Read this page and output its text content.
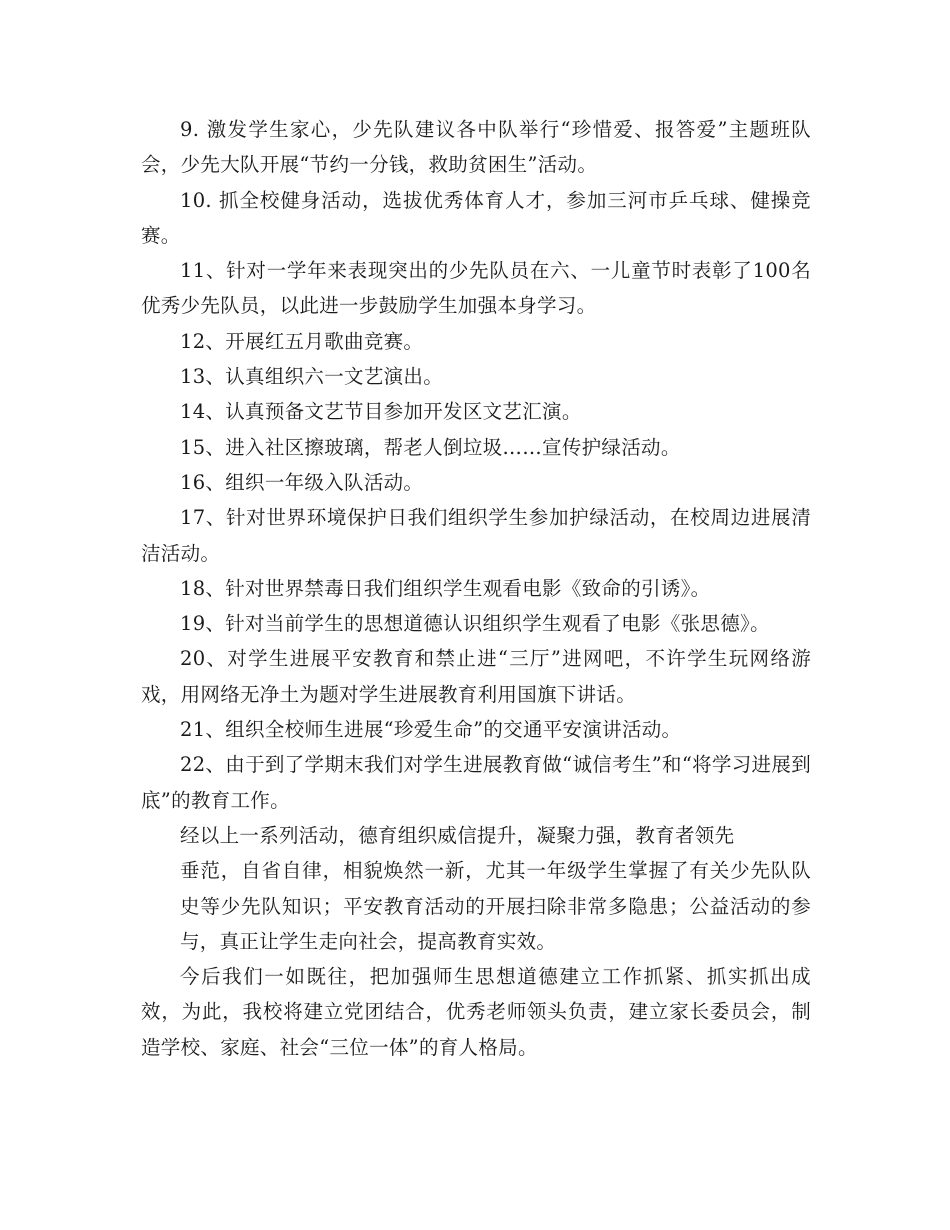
9. 激发学生家心，少先队建议各中队举行“珍惜爱、报答爱”主题班队会，少先大队开展“节约一分钱，救助贫困生”活动。

10. 抓全校健身活动，选拔优秀体育人才，参加三河市乒乓球、健操竞赛。

11、针对一学年来表现突出的少先队员在六、一儿童节时表彰了100名优秀少先队员，以此进一步鼓励学生加强本身学习。

12、开展红五月歌曲竞赛。

13、认真组织六一文艺演出。

14、认真预备文艺节目参加开发区文艺汇演。

15、进入社区擦玻璃，帮老人倒垃圾……宣传护绿活动。

16、组织一年级入队活动。

17、针对世界环境保护日我们组织学生参加护绿活动，在校周边进展清洁活动。

18、针对世界禁毒日我们组织学生观看电影《致命的引诱》。

19、针对当前学生的思想道德认识组织学生观看了电影《张思德》。

20、对学生进展平安教育和禁止进“三厅”进网吧，不许学生玩网络游戏，用网络无净土为题对学生进展教育利用国旗下讲话。

21、组织全校师生进展“珍爱生命”的交通平安演讲活动。

22、由于到了学期末我们对学生进展教育做“诚信考生”和“将学习进展到底”的教育工作。

经以上一系列活动，德育组织威信提升，凝聚力强，教育者领先

垂范，自省自律，相貌焕然一新，尤其一年级学生掌握了有关少先队队史等少先队知识；平安教育活动的开展扫除非常多隐患；公益活动的参与，真正让学生走向社会，提高教育实效。

今后我们一如既往，把加强师生思想道德建立工作抓紧、抓实抓出成效，为此，我校将建立党团结合，优秀老师领头负责，建立家长委员会，制造学校、家庭、社会“三位一体”的育人格局。
